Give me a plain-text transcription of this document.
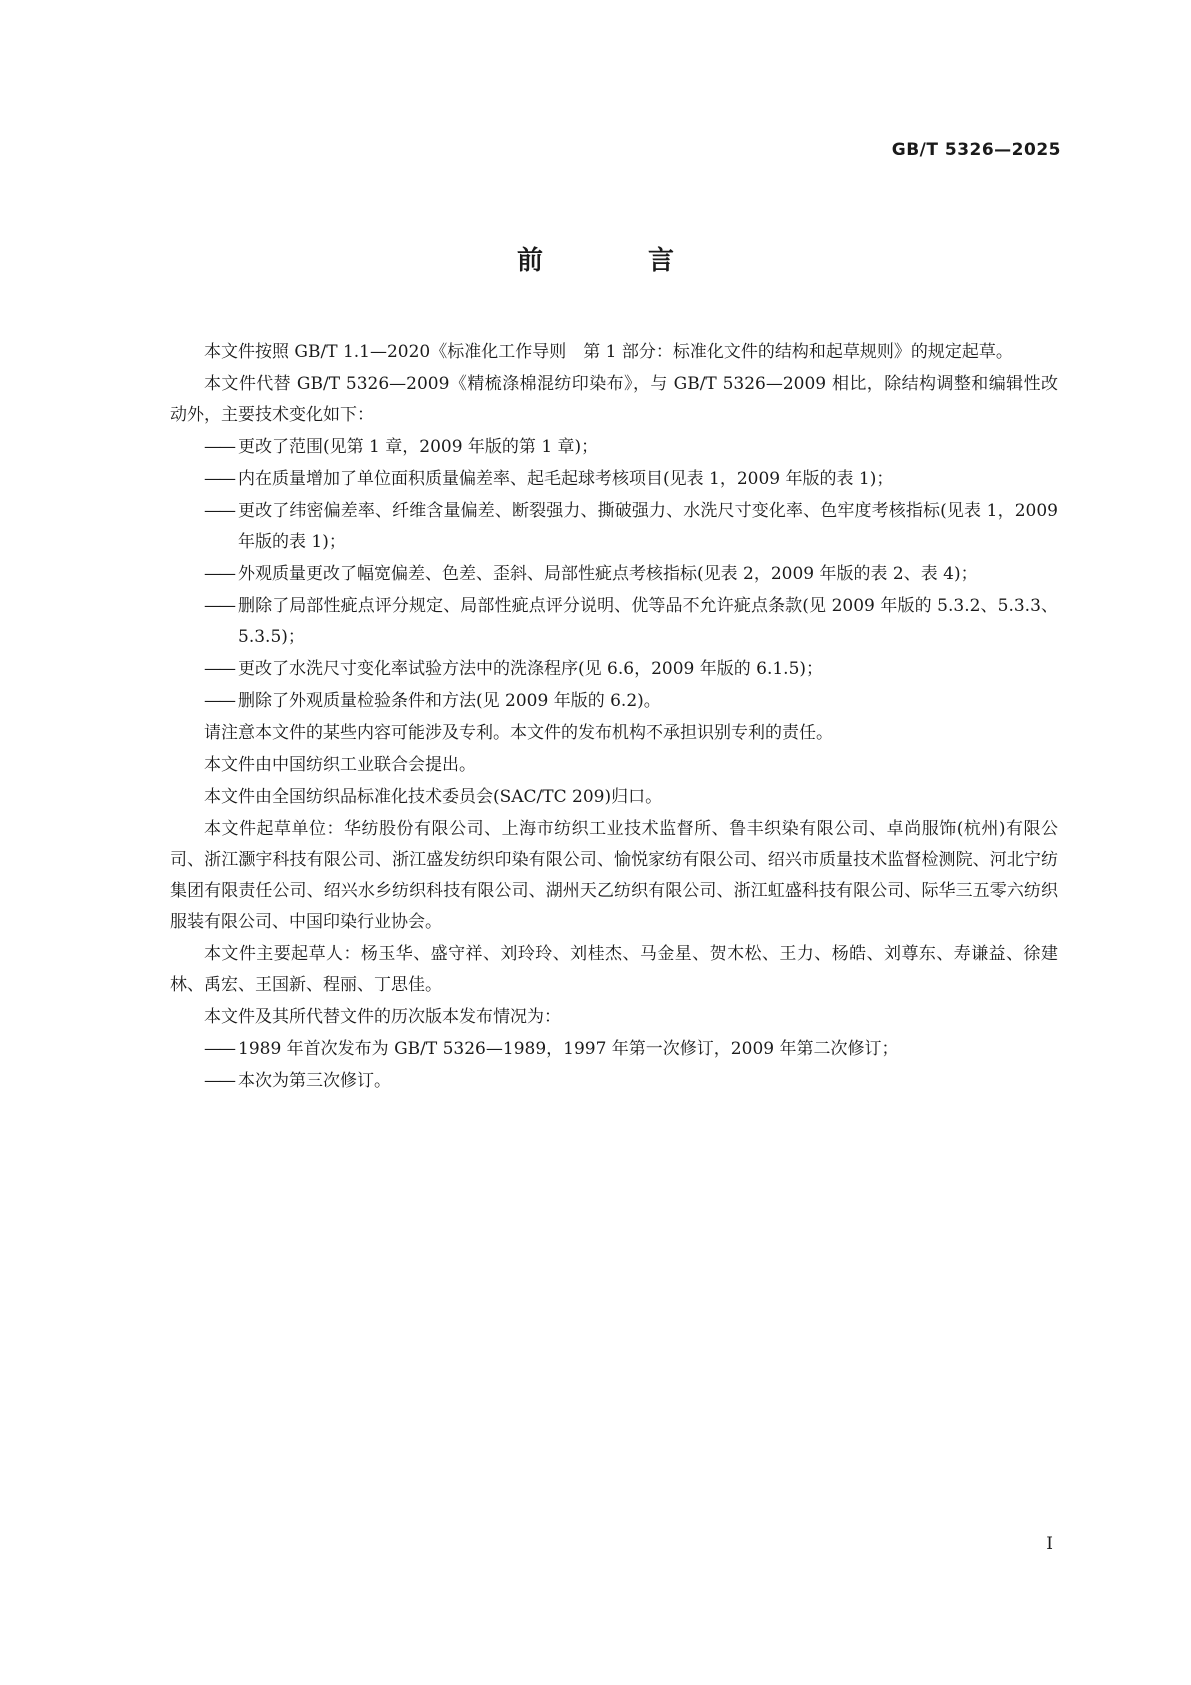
GB/T 5326—2025
前 言

本文件按照 GB/T 1.1—2020《标准化工作导则　第 1 部分：标准化文件的结构和起草规则》的规定起草。

本文件代替 GB/T 5326—2009《精梳涤棉混纺印染布》，与 GB/T 5326—2009 相比，除结构调整和编辑性改动外，主要技术变化如下：

—— 更改了范围(见第 1 章，2009 年版的第 1 章)；
—— 内在质量增加了单位面积质量偏差率、起毛起球考核项目(见表 1，2009 年版的表 1)；
—— 更改了纬密偏差率、纤维含量偏差、断裂强力、撕破强力、水洗尺寸变化率、色牢度考核指标(见表 1，2009 年版的表 1)；
—— 外观质量更改了幅宽偏差、色差、歪斜、局部性疵点考核指标(见表 2，2009 年版的表 2、表 4)；
—— 删除了局部性疵点评分规定、局部性疵点评分说明、优等品不允许疵点条款(见 2009 年版的 5.3.2、5.3.3、5.3.5)；
—— 更改了水洗尺寸变化率试验方法中的洗涤程序(见 6.6，2009 年版的 6.1.5)；
—— 删除了外观质量检验条件和方法(见 2009 年版的 6.2)。

请注意本文件的某些内容可能涉及专利。本文件的发布机构不承担识别专利的责任。

本文件由中国纺织工业联合会提出。

本文件由全国纺织品标准化技术委员会(SAC/TC 209)归口。

本文件起草单位：华纺股份有限公司、上海市纺织工业技术监督所、鲁丰织染有限公司、卓尚服饰(杭州)有限公司、浙江灏宇科技有限公司、浙江盛发纺织印染有限公司、愉悦家纺有限公司、绍兴市质量技术监督检测院、河北宁纺集团有限责任公司、绍兴水乡纺织科技有限公司、湖州天乙纺织有限公司、浙江虹盛科技有限公司、际华三五零六纺织服装有限公司、中国印染行业协会。

本文件主要起草人：杨玉华、盛守祥、刘玲玲、刘桂杰、马金星、贺木松、王力、杨皓、刘尊东、寿谦益、徐建林、禹宏、王国新、程丽、丁思佳。

本文件及其所代替文件的历次版本发布情况为：

—— 1989 年首次发布为 GB/T 5326—1989，1997 年第一次修订，2009 年第二次修订；
—— 本次为第三次修订。
I
